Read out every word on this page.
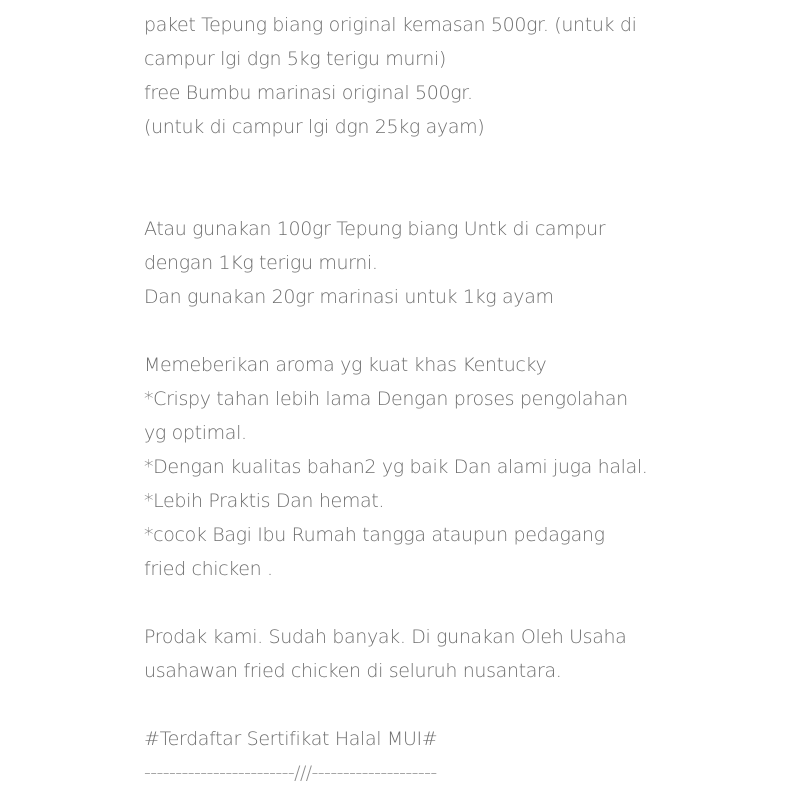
paket Tepung biang original kemasan 500gr. (untuk di
campur lgi dgn 5kg terigu murni)
free Bumbu marinasi original 500gr.
(untuk di campur lgi dgn 25kg ayam)
Atau gunakan 100gr Tepung biang Untk di campur
dengan 1Kg terigu murni.
Dan gunakan 20gr marinasi untuk 1kg ayam
Memeberikan aroma yg kuat khas Kentucky
*Crispy tahan lebih lama Dengan proses pengolahan
yg optimal.
*Dengan kualitas bahan2 yg baik Dan alami juga halal.
*Lebih Praktis Dan hemat.
*cocok Bagi Ibu Rumah tangga ataupun pedagang
fried chicken .
Prodak kami. Sudah banyak. Di gunakan Oleh Usaha
usahawan fried chicken di seluruh nusantara.
#Terdaftar Sertifikat Halal MUI#
------------------------///--------------------
